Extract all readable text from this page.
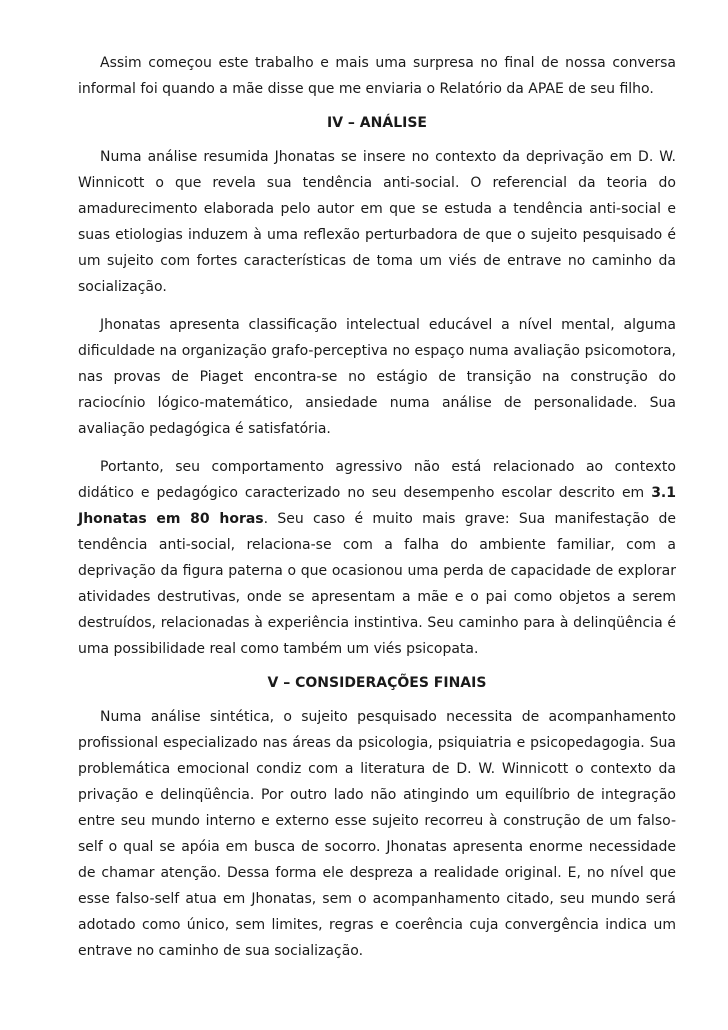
Assim começou este trabalho e mais uma surpresa no final de nossa conversa informal foi quando a mãe disse que me enviaria o Relatório da APAE de seu filho.

IV – ANÁLISE

Numa análise resumida Jhonatas se insere no contexto da deprivação em D. W. Winnicott o que revela sua tendência anti-social. O referencial da teoria do amadurecimento elaborada pelo autor em que se estuda a tendência anti-social e suas etiologias induzem à uma reflexão perturbadora de que o sujeito pesquisado é um sujeito com fortes características de toma um viés de entrave no caminho da socialização.

Jhonatas apresenta classificação intelectual educável a nível mental, alguma dificuldade na organização grafo-perceptiva no espaço numa avaliação psicomotora, nas provas de Piaget encontra-se no estágio de transição na construção do raciocínio lógico-matemático, ansiedade numa análise de personalidade. Sua avaliação pedagógica é satisfatória.

Portanto, seu comportamento agressivo não está relacionado ao contexto didático e pedagógico caracterizado no seu desempenho escolar descrito em 3.1 Jhonatas em 80 horas. Seu caso é muito mais grave: Sua manifestação de tendência anti-social, relaciona-se com a falha do ambiente familiar, com a deprivação da figura paterna o que ocasionou uma perda de capacidade de explorar atividades destrutivas, onde se apresentam a mãe e o pai como objetos a serem destruídos, relacionadas à experiência instintiva. Seu caminho para à delinqüência é uma possibilidade real como também um viés psicopata.

V – CONSIDERAÇÕES FINAIS

Numa análise sintética, o sujeito pesquisado necessita de acompanhamento profissional especializado nas áreas da psicologia, psiquiatria e psicopedagogia. Sua problemática emocional condiz com a literatura de D. W. Winnicott o contexto da privação e delinqüência. Por outro lado não atingindo um equilíbrio de integração entre seu mundo interno e externo esse sujeito recorreu à construção de um falso-self o qual se apóia em busca de socorro. Jhonatas apresenta enorme necessidade de chamar atenção. Dessa forma ele despreza a realidade original. E, no nível que esse falso-self atua em Jhonatas, sem o acompanhamento citado, seu mundo será adotado como único, sem limites, regras e coerência cuja convergência indica um entrave no caminho de sua socialização.
